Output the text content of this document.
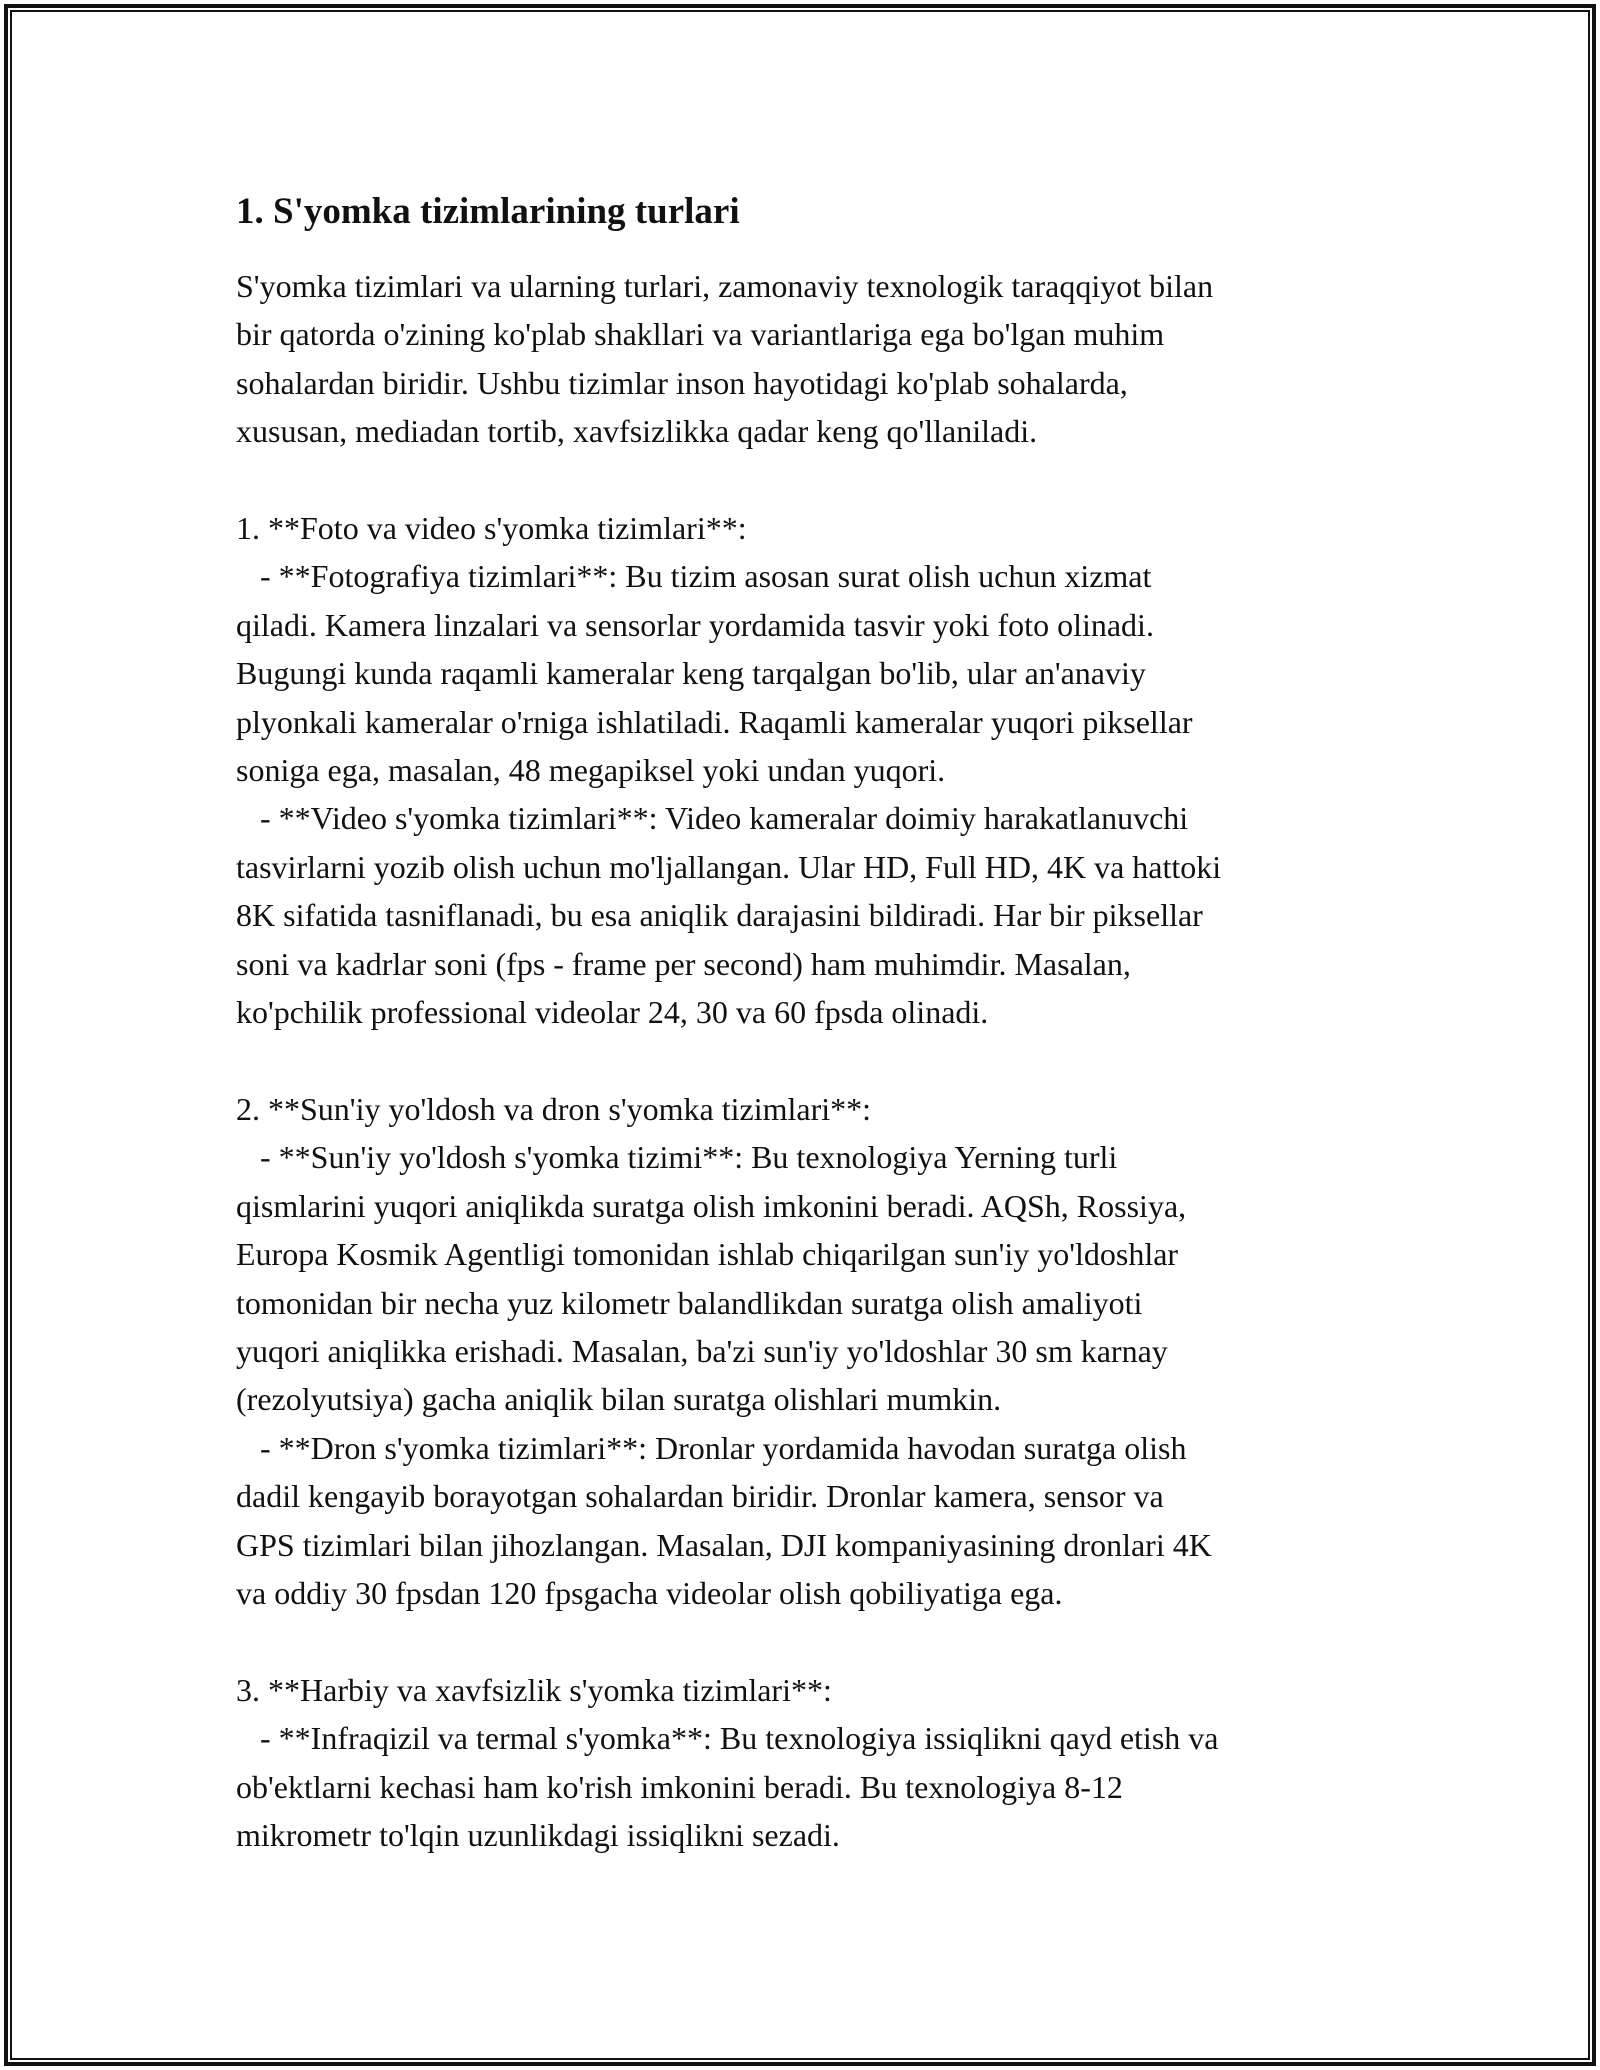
1. S'yomka tizimlarining turlari

S'yomka tizimlari va ularning turlari, zamonaviy texnologik taraqqiyot bilan
bir qatorda o'zining ko'plab shakllari va variantlariga ega bo'lgan muhim
sohalardan biridir. Ushbu tizimlar inson hayotidagi ko'plab sohalarda,
xususan, mediadan tortib, xavfsizlikka qadar keng qo'llaniladi.

1. **Foto va video s'yomka tizimlari**:
- **Fotografiya tizimlari**: Bu tizim asosan surat olish uchun xizmat
qiladi. Kamera linzalari va sensorlar yordamida tasvir yoki foto olinadi.
Bugungi kunda raqamli kameralar keng tarqalgan bo'lib, ular an'anaviy
plyonkali kameralar o'rniga ishlatiladi. Raqamli kameralar yuqori piksellar
soniga ega, masalan, 48 megapiksel yoki undan yuqori.
- **Video s'yomka tizimlari**: Video kameralar doimiy harakatlanuvchi
tasvirlarni yozib olish uchun mo'ljallangan. Ular HD, Full HD, 4K va hattoki
8K sifatida tasniflanadi, bu esa aniqlik darajasini bildiradi. Har bir piksellar
soni va kadrlar soni (fps - frame per second) ham muhimdir. Masalan,
ko'pchilik professional videolar 24, 30 va 60 fpsda olinadi.

2. **Sun'iy yo'ldosh va dron s'yomka tizimlari**:
- **Sun'iy yo'ldosh s'yomka tizimi**: Bu texnologiya Yerning turli
qismlarini yuqori aniqlikda suratga olish imkonini beradi. AQSh, Rossiya,
Europa Kosmik Agentligi tomonidan ishlab chiqarilgan sun'iy yo'ldoshlar
tomonidan bir necha yuz kilometr balandlikdan suratga olish amaliyoti
yuqori aniqlikka erishadi. Masalan, ba'zi sun'iy yo'ldoshlar 30 sm karnay
(rezolyutsiya) gacha aniqlik bilan suratga olishlari mumkin.
- **Dron s'yomka tizimlari**: Dronlar yordamida havodan suratga olish
dadil kengayib borayotgan sohalardan biridir. Dronlar kamera, sensor va
GPS tizimlari bilan jihozlangan. Masalan, DJI kompaniyasining dronlari 4K
va oddiy 30 fpsdan 120 fpsgacha videolar olish qobiliyatiga ega.

3. **Harbiy va xavfsizlik s'yomka tizimlari**:
- **Infraqizil va termal s'yomka**: Bu texnologiya issiqlikni qayd etish va
ob'ektlarni kechasi ham ko'rish imkonini beradi. Bu texnologiya 8-12
mikrometr to'lqin uzunlikdagi issiqlikni sezadi.
